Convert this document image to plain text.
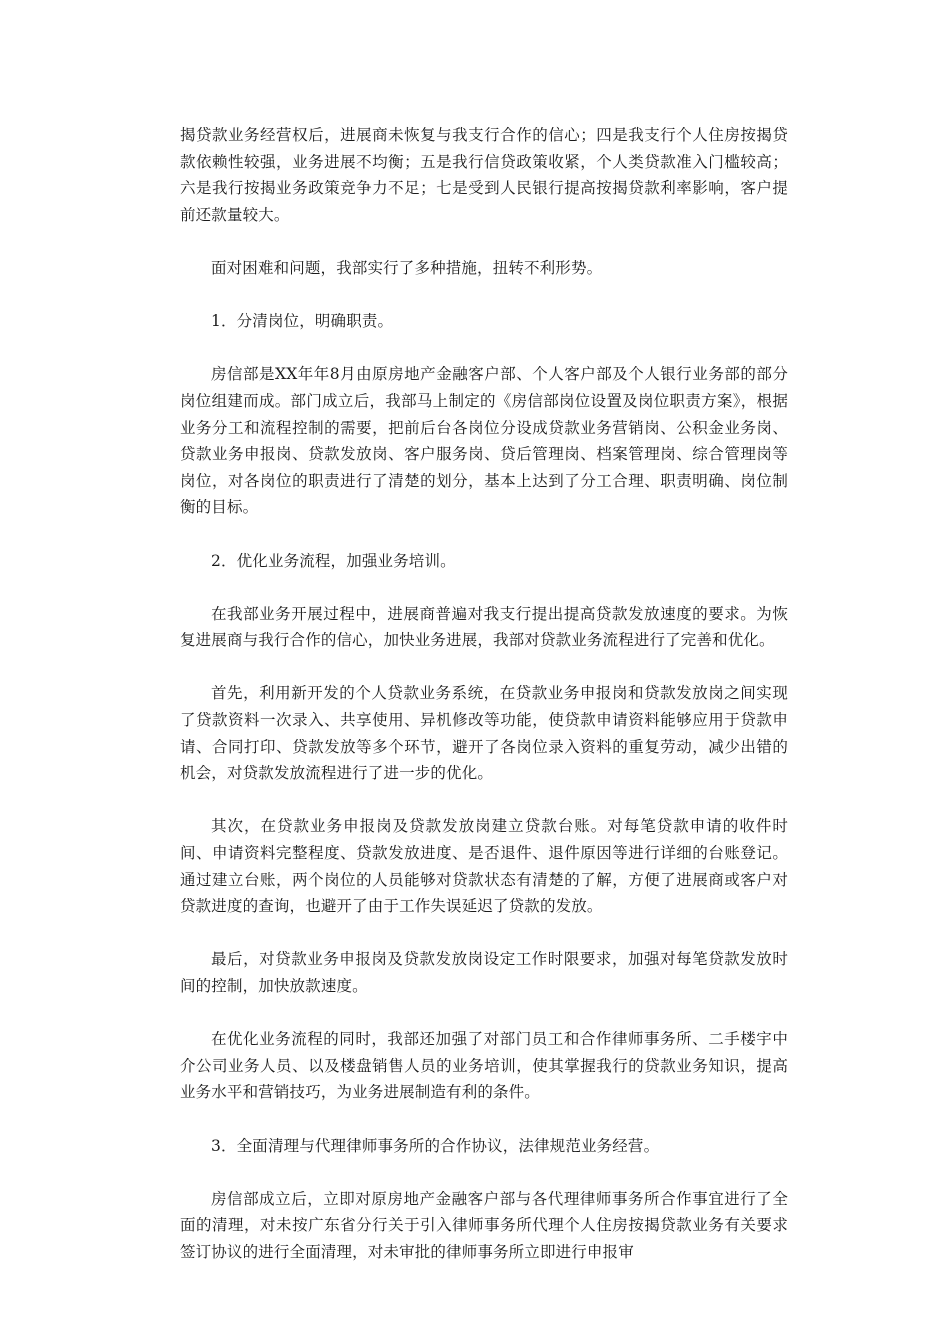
揭贷款业务经营权后，进展商未恢复与我支行合作的信心；四是我支行个人住房按揭贷款依赖性较强，业务进展不均衡；五是我行信贷政策收紧，个人类贷款准入门槛较高；六是我行按揭业务政策竞争力不足；七是受到人民银行提高按揭贷款利率影响，客户提前还款量较大。

面对困难和问题，我部实行了多种措施，扭转不利形势。

1．分清岗位，明确职责。

房信部是XX年年8月由原房地产金融客户部、个人客户部及个人银行业务部的部分岗位组建而成。部门成立后，我部马上制定的《房信部岗位设置及岗位职责方案》，根据业务分工和流程控制的需要，把前后台各岗位分设成贷款业务营销岗、公积金业务岗、贷款业务申报岗、贷款发放岗、客户服务岗、贷后管理岗、档案管理岗、综合管理岗等岗位，对各岗位的职责进行了清楚的划分，基本上达到了分工合理、职责明确、岗位制衡的目标。

2．优化业务流程，加强业务培训。

在我部业务开展过程中，进展商普遍对我支行提出提高贷款发放速度的要求。为恢复进展商与我行合作的信心，加快业务进展，我部对贷款业务流程进行了完善和优化。

首先，利用新开发的个人贷款业务系统，在贷款业务申报岗和贷款发放岗之间实现了贷款资料一次录入、共享使用、异机修改等功能，使贷款申请资料能够应用于贷款申请、合同打印、贷款发放等多个环节，避开了各岗位录入资料的重复劳动，减少出错的机会，对贷款发放流程进行了进一步的优化。

其次，在贷款业务申报岗及贷款发放岗建立贷款台账。对每笔贷款申请的收件时间、申请资料完整程度、贷款发放进度、是否退件、退件原因等进行详细的台账登记。通过建立台账，两个岗位的人员能够对贷款状态有清楚的了解，方便了进展商或客户对贷款进度的查询，也避开了由于工作失误延迟了贷款的发放。

最后，对贷款业务申报岗及贷款发放岗设定工作时限要求，加强对每笔贷款发放时间的控制，加快放款速度。

在优化业务流程的同时，我部还加强了对部门员工和合作律师事务所、二手楼宇中介公司业务人员、以及楼盘销售人员的业务培训，使其掌握我行的贷款业务知识，提高业务水平和营销技巧，为业务进展制造有利的条件。

3．全面清理与代理律师事务所的合作协议，法律规范业务经营。

房信部成立后，立即对原房地产金融客户部与各代理律师事务所合作事宜进行了全面的清理，对未按广东省分行关于引入律师事务所代理个人住房按揭贷款业务有关要求签订协议的进行全面清理，对未审批的律师事务所立即进行申报审
